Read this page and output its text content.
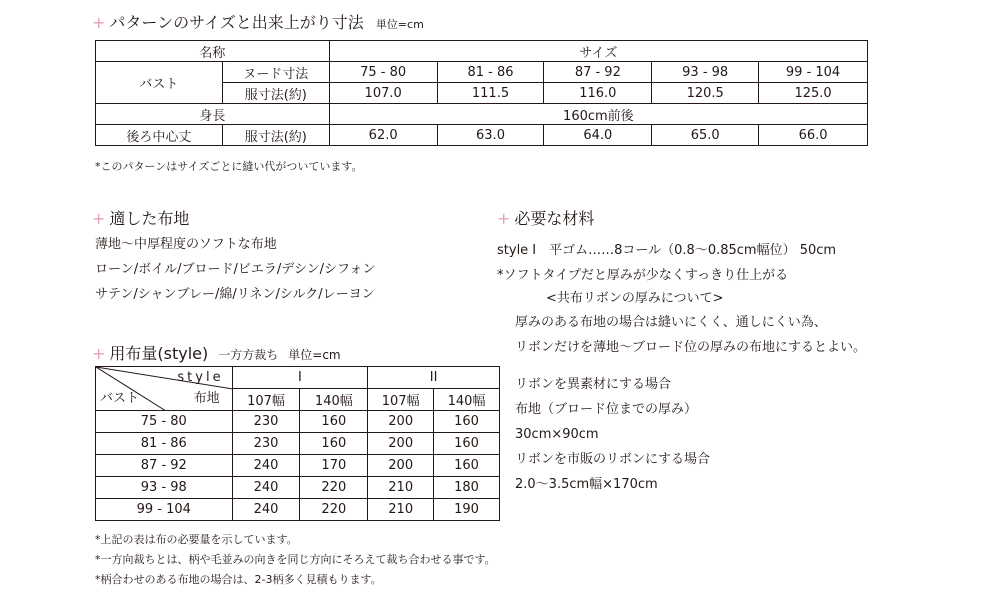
+ パターンのサイズと出来上がり寸法 単位=cm
名称		サイズ				
バスト	ヌード寸法	75 - 80	81 - 86	87 - 92	93 - 98	99 - 104
	服寸法(約)	107.0	111.5	116.0	120.5	125.0
身長		160cm前後				
後ろ中心丈	服寸法(約)	62.0	63.0	64.0	65.0	66.0

*このパターンはサイズごとに縫い代がついています。

+ 適した布地

薄地〜中厚程度のソフトな布地

ローン/ボイル/ブロード/ビエラ/デシン/シフォン

サテン/シャンブレー/綿/リネン/シルク/レーヨン

+ 必要な材料

style I　平ゴム……8コール（0.8〜0.85cm幅位） 50cm

*ソフトタイプだと厚みが少なくすっきり仕上がる

<共布リボンの厚みについて>

厚みのある布地の場合は縫いにくく、通しにくい為、

リボンだけを薄地〜ブロード位の厚みの布地にするとよい。

リボンを異素材にする場合

布地（ブロード位までの厚み）

30cm×90cm

リボンを市販のリボンにする場合

2.0〜3.5cm幅×170cm

+ 用布量(style) 一方方裁ち 単位=cm
style
バスト 布地	I		II	
	107幅	140幅	107幅	140幅
75 - 80	230	160	200	160
81 - 86	230	160	200	160
87 - 92	240	170	200	160
93 - 98	240	220	210	180
99 - 104	240	220	210	190

*上記の表は布の必要量を示しています。

*一方向裁ちとは、柄や毛並みの向きを同じ方向にそろえて裁ち合わせる事です。

*柄合わせのある布地の場合は、2-3柄多く見積もります。
